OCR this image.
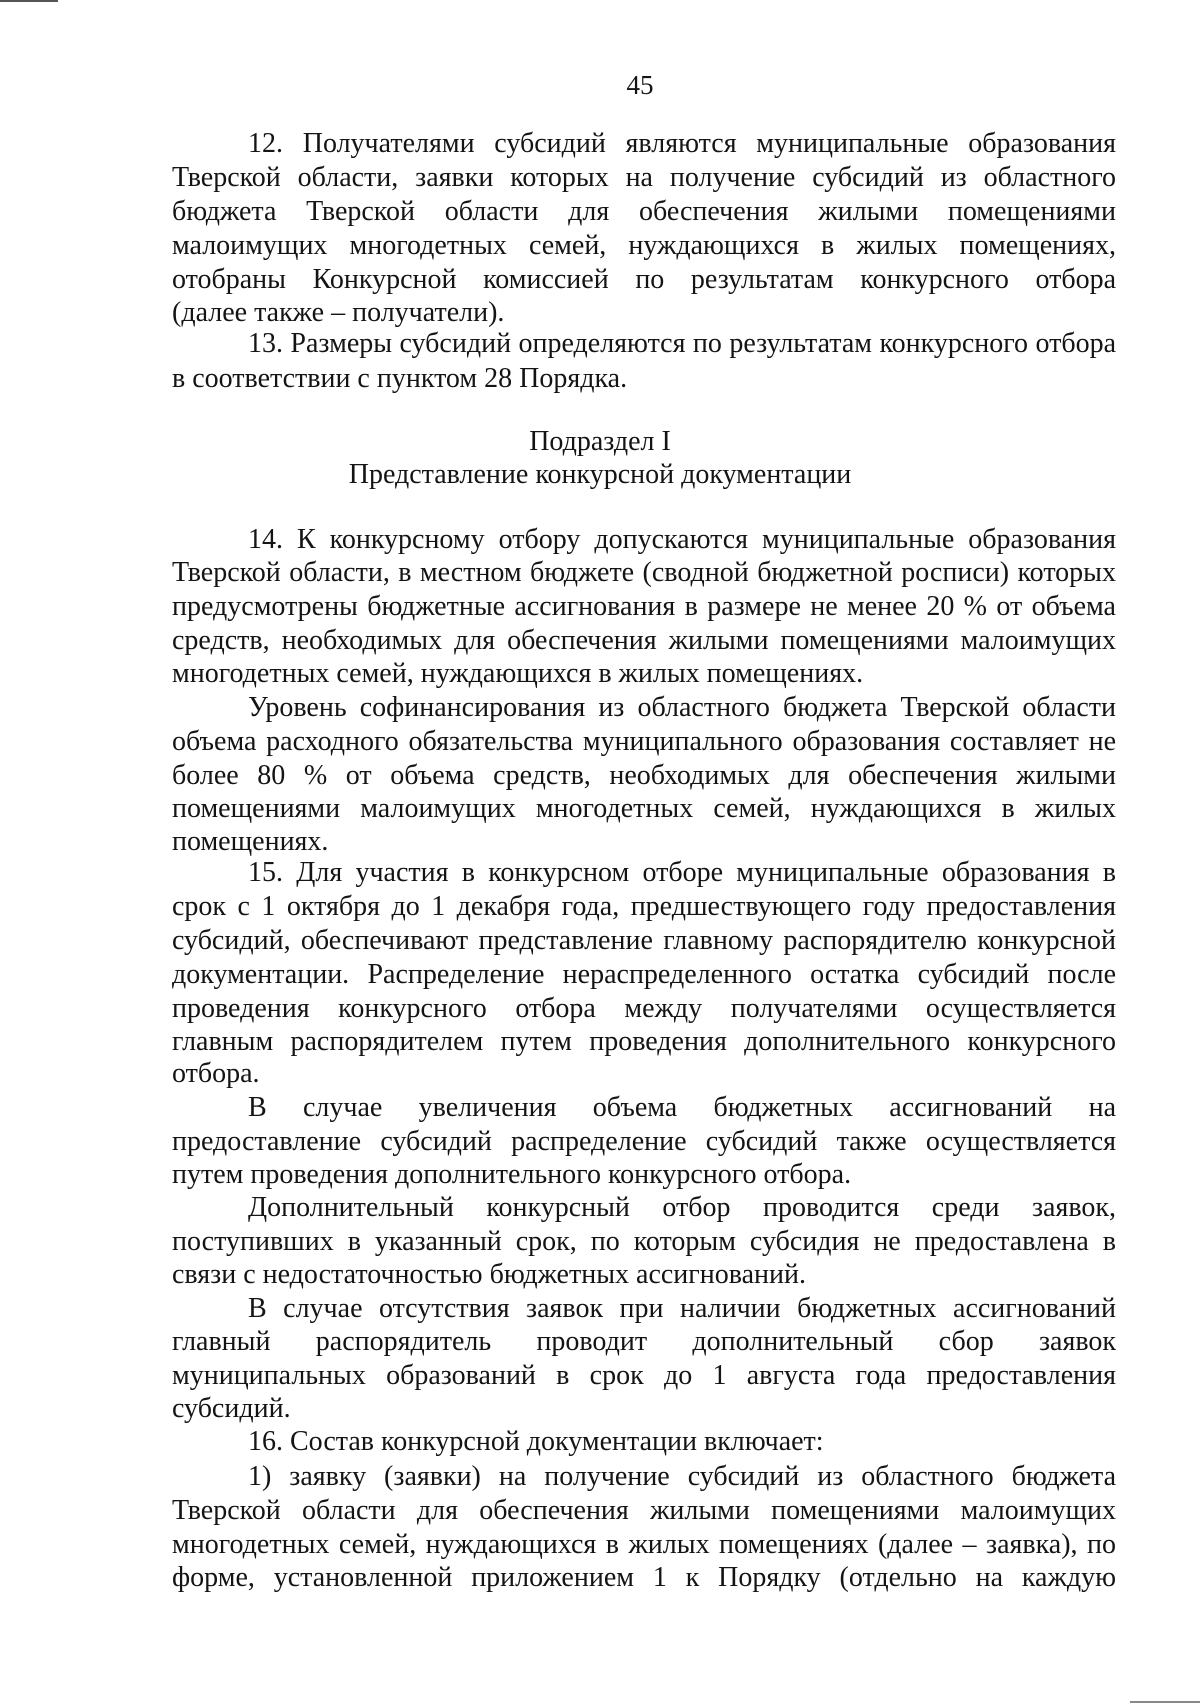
45
12. Получателями субсидий являются муниципальные образования
Тверской области, заявки которых на получение субсидий из областного
бюджета Тверской области для обеспечения жилыми помещениями
малоимущих многодетных семей, нуждающихся в жилых помещениях,
отобраны Конкурсной комиссией по результатам конкурсного отбора
(далее также – получатели).
13. Размеры субсидий определяются по результатам конкурсного отбора
в соответствии с пунктом 28 Порядка.
Подраздел I
Представление конкурсной документации
14. К конкурсному отбору допускаются муниципальные образования
Тверской области, в местном бюджете (сводной бюджетной росписи) которых
предусмотрены бюджетные ассигнования в размере не менее 20 % от объема
средств, необходимых для обеспечения жилыми помещениями малоимущих
многодетных семей, нуждающихся в жилых помещениях.
Уровень софинансирования из областного бюджета Тверской области
объема расходного обязательства муниципального образования составляет не
более 80 % от объема средств, необходимых для обеспечения жилыми
помещениями малоимущих многодетных семей, нуждающихся в жилых
помещениях.
15. Для участия в конкурсном отборе муниципальные образования в
срок с 1 октября до 1 декабря года, предшествующего году предоставления
субсидий, обеспечивают представление главному распорядителю конкурсной
документации. Распределение нераспределенного остатка субсидий после
проведения конкурсного отбора между получателями осуществляется
главным распорядителем путем проведения дополнительного конкурсного
отбора.
В случае увеличения объема бюджетных ассигнований на
предоставление субсидий распределение субсидий также осуществляется
путем проведения дополнительного конкурсного отбора.
Дополнительный конкурсный отбор проводится среди заявок,
поступивших в указанный срок, по которым субсидия не предоставлена в
связи с недостаточностью бюджетных ассигнований.
В случае отсутствия заявок при наличии бюджетных ассигнований
главный распорядитель проводит дополнительный сбор заявок
муниципальных образований в срок до 1 августа года предоставления
субсидий.
16. Состав конкурсной документации включает:
1) заявку (заявки) на получение субсидий из областного бюджета
Тверской области для обеспечения жилыми помещениями малоимущих
многодетных семей, нуждающихся в жилых помещениях (далее – заявка), по
форме, установленной приложением 1 к Порядку (отдельно на каждую
